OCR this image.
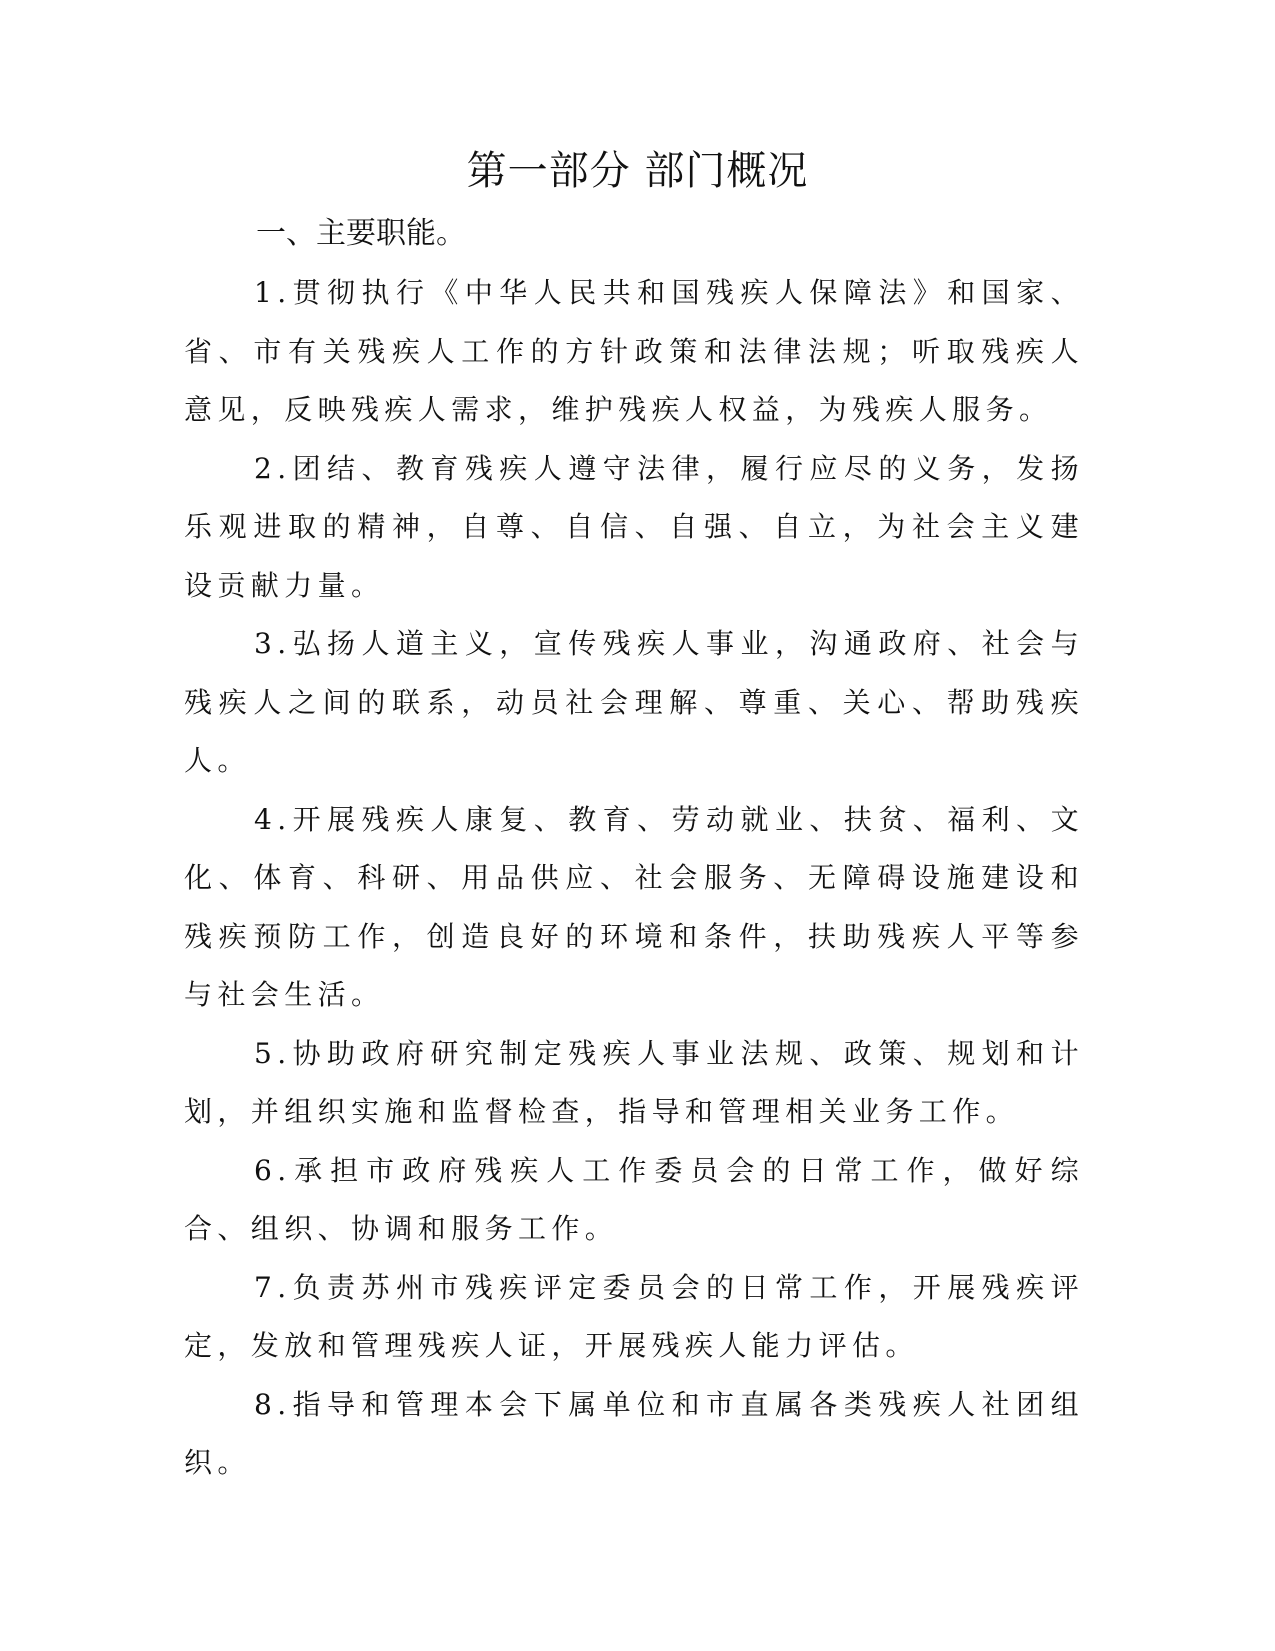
第一部分 部门概况
一、主要职能。

1.贯彻执行《中华人民共和国残疾人保障法》和国家、省、市有关残疾人工作的方针政策和法律法规；听取残疾人意见，反映残疾人需求，维护残疾人权益，为残疾人服务。

2.团结、教育残疾人遵守法律，履行应尽的义务，发扬乐观进取的精神，自尊、自信、自强、自立，为社会主义建设贡献力量。

3.弘扬人道主义，宣传残疾人事业，沟通政府、社会与残疾人之间的联系，动员社会理解、尊重、关心、帮助残疾人。

4.开展残疾人康复、教育、劳动就业、扶贫、福利、文化、体育、科研、用品供应、社会服务、无障碍设施建设和残疾预防工作，创造良好的环境和条件，扶助残疾人平等参与社会生活。

5.协助政府研究制定残疾人事业法规、政策、规划和计划，并组织实施和监督检查，指导和管理相关业务工作。

6.承担市政府残疾人工作委员会的日常工作，做好综合、组织、协调和服务工作。

7.负责苏州市残疾评定委员会的日常工作，开展残疾评定，发放和管理残疾人证，开展残疾人能力评估。

8.指导和管理本会下属单位和市直属各类残疾人社团组织。
